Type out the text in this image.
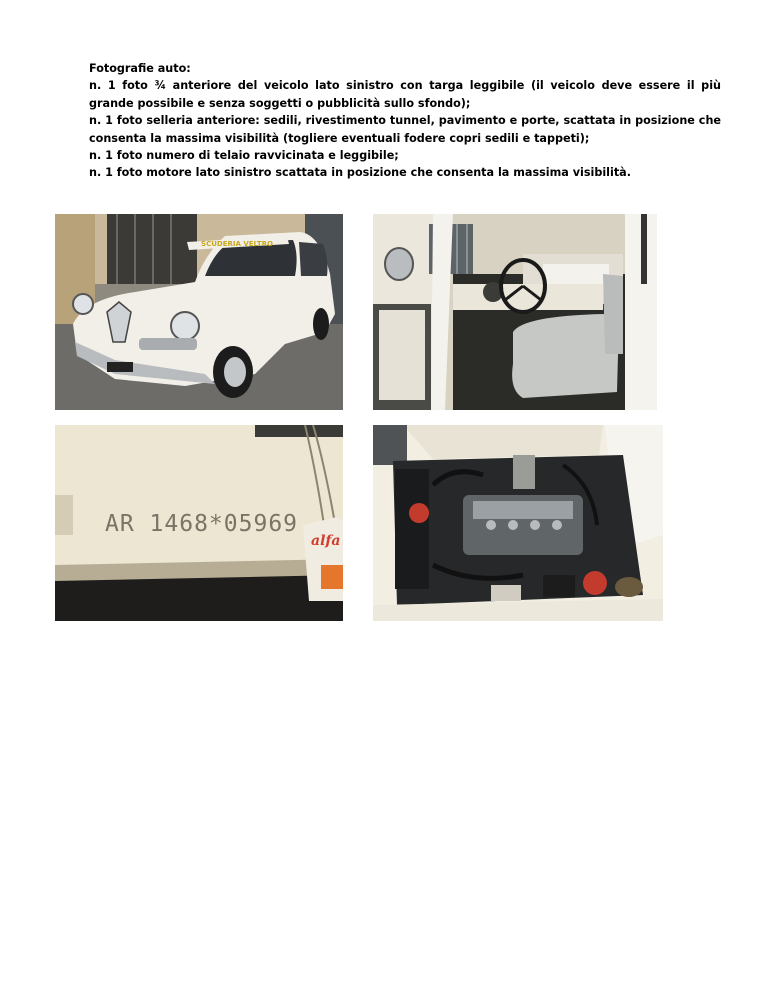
Fotografie auto:

n. 1 foto ¾ anteriore del veicolo lato sinistro con targa leggibile (il veicolo deve essere il più grande possibile e senza soggetti o pubblicità sullo sfondo);

n. 1 foto selleria anteriore: sedili, rivestimento tunnel, pavimento e porte, scattata in posizione che consenta la massima visibilità (togliere eventuali fodere copri sedili e tappeti);

n. 1 foto numero di telaio ravvicinata e leggibile;

n. 1 foto motore lato sinistro scattata in posizione che consenta la massima visibilità.

SCUDERIA VELTRO
AR 1468*05969
alfa
